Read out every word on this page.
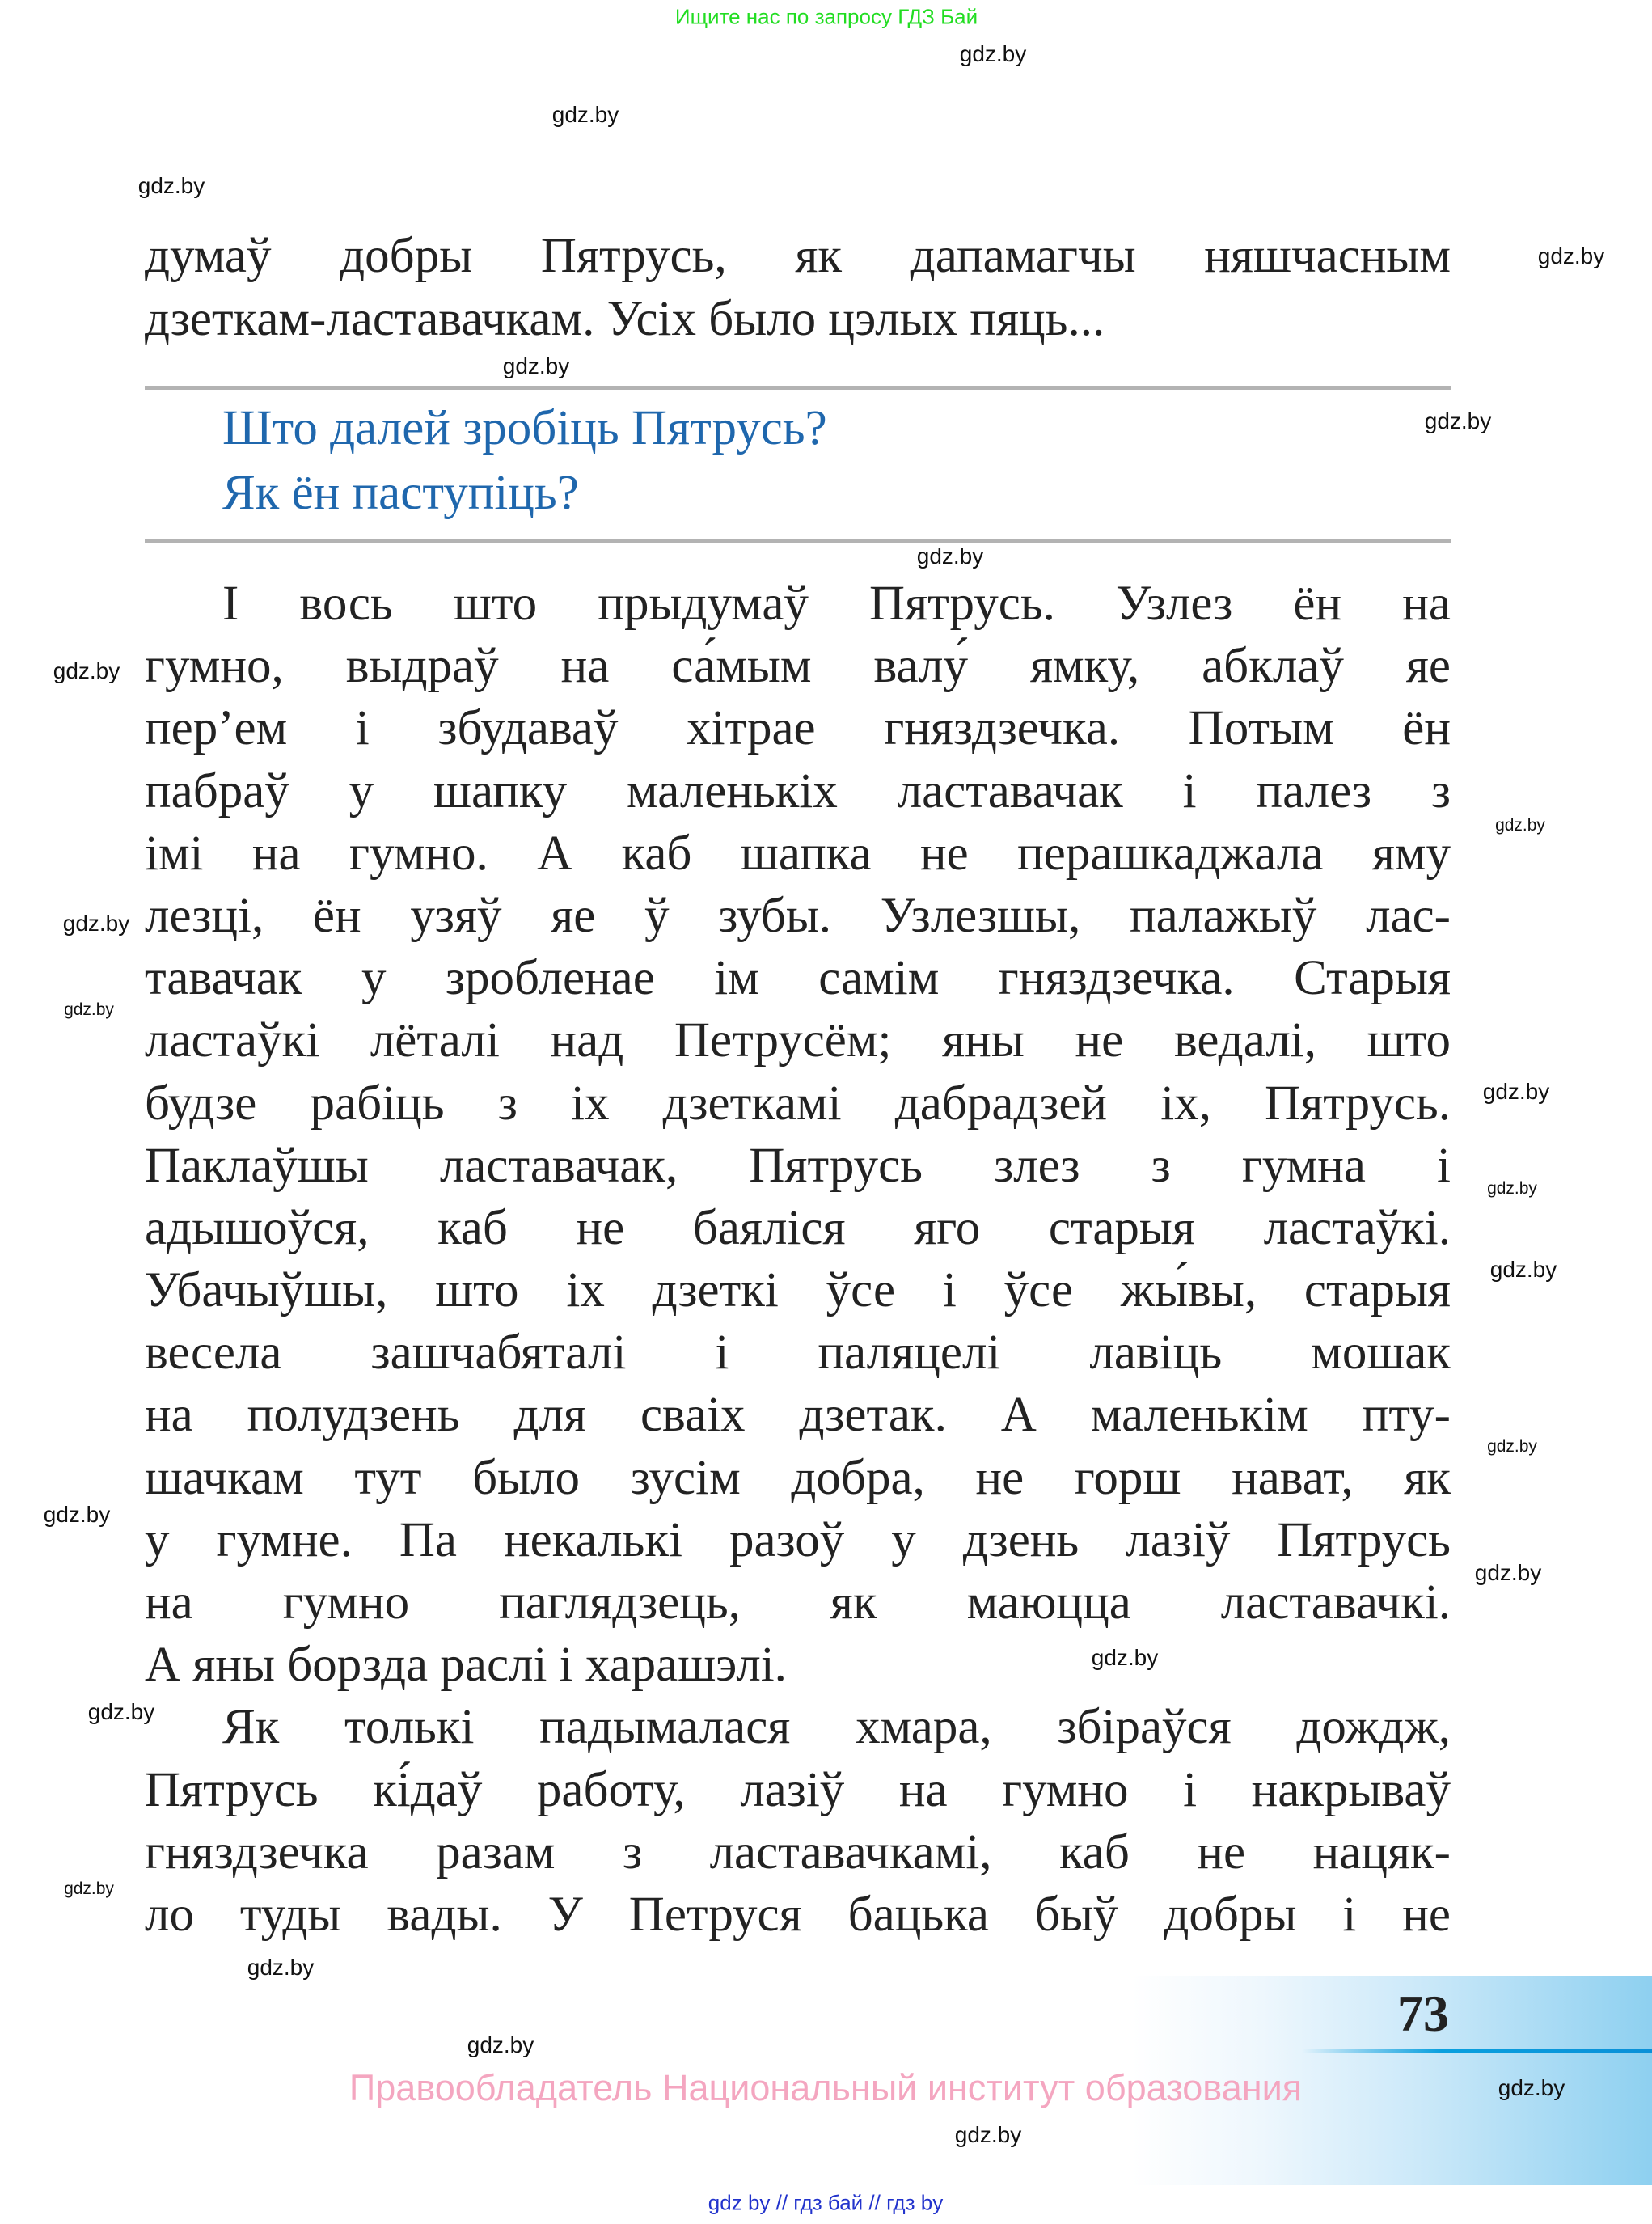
Ищите нас по запросу ГДЗ Бай
gdz.by
gdz.by
gdz.by
gdz.by
gdz.by
gdz.by
gdz.by
gdz.by
gdz.by
gdz.by
gdz.by
gdz.by
gdz.by
gdz.by
gdz.by
gdz.by
gdz.by
gdz.by
gdz.by
gdz.by
gdz.by
gdz.by
думаў добры Пятрусь, як дапамагчы няшчасным
дзеткам-ластавачкам. Усіх было цэлых пяць...
Што далей зробіць Пятрусь?
Як ён паступіць?
І вось што прыдумаў Пятрусь. Узлез ён на
гумно, выдраў на са́мым валу́ ямку, абклаў яе
пер’ем і збудаваў хітрае гняздзечка. Потым ён
пабраў у шапку маленькіх ластавачак і палез з
імі на гумно. А каб шапка не перашкаджала яму
лезці, ён узяў яе ў зубы. Узлезшы, палажыў лас-
тавачак у зробленае ім самім гняздзечка. Старыя
ластаўкі лёталі над Петрусём; яны не ведалі, што
будзе рабіць з іх дзеткамі дабрадзей іх, Пятрусь.
Паклаўшы ластавачак, Пятрусь злез з гумна і
адышоўся, каб не баяліся яго старыя ластаўкі.
Убачыўшы, што іх дзеткі ўсе і ўсе жы́вы, старыя
весела зашчабяталі і паляцелі лавіць мошак
на полудзень для сваіх дзетак. А маленькім пту-
шачкам тут было зусім добра, не горш нават, як
у гумне. Па некалькі разоў у дзень лазіў Пятрусь
на гумно паглядзець, як маюцца ластавачкі.
А яны борзда раслі і харашэлі.
Як толькі падымалася хмара, збіраўся дождж,
Пятрусь кі́даў работу, лазіў на гумно і накрываў
гняздзечка разам з ластавачкамі, каб не нацяк-
ло туды вады. У Петруся бацька быў добры і не
73
Правообладатель Национальный институт образования	gdz.by
gdz.by
gdz by // гдз бай // гдз by
